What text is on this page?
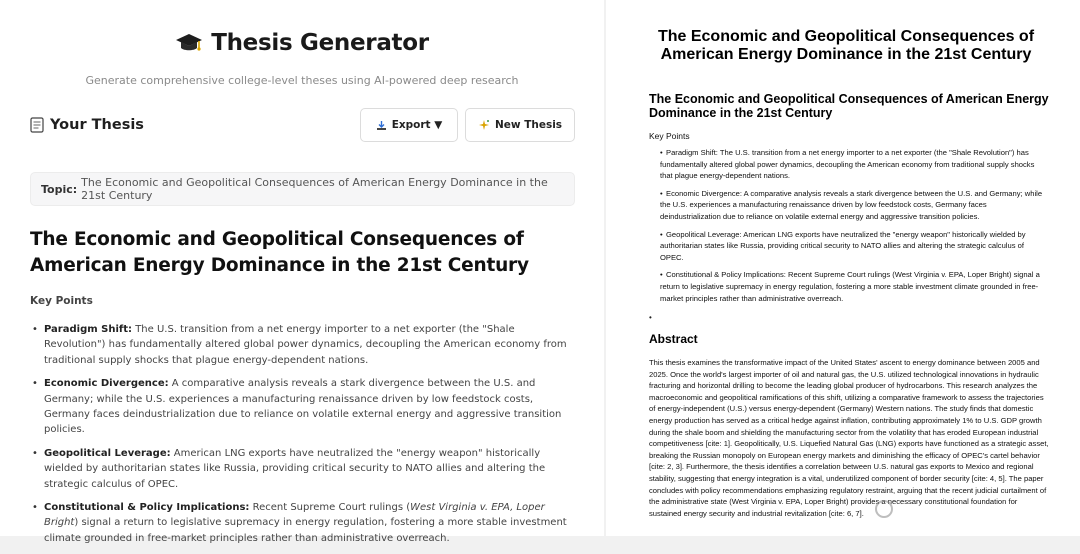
Thesis Generator
Generate comprehensive college-level theses using AI-powered deep research
Your Thesis	Export ▼	New Thesis
Topic: The Economic and Geopolitical Consequences of American Energy Dominance in the 21st Century
The Economic and Geopolitical Consequences of American Energy Dominance in the 21st Century
Key Points
• Paradigm Shift: The U.S. transition from a net energy importer to a net exporter (the "Shale Revolution") has fundamentally altered global power dynamics, decoupling the American economy from traditional supply shocks that plague energy-dependent nations.
• Economic Divergence: A comparative analysis reveals a stark divergence between the U.S. and Germany; while the U.S. experiences a manufacturing renaissance driven by low feedstock costs, Germany faces deindustrialization due to reliance on volatile external energy and aggressive transition policies.
• Geopolitical Leverage: American LNG exports have neutralized the "energy weapon" historically wielded by authoritarian states like Russia, providing critical security to NATO allies and altering the strategic calculus of OPEC.
• Constitutional & Policy Implications: Recent Supreme Court rulings (West Virginia v. EPA, Loper Bright) signal a return to legislative supremacy in energy regulation, fostering a more stable investment climate grounded in free-market principles rather than administrative overreach.
The Economic and Geopolitical Consequences of American Energy Dominance in the 21st Century
The Economic and Geopolitical Consequences of American Energy Dominance in the 21st Century
Key Points
• Paradigm Shift: The U.S. transition from a net energy importer to a net exporter (the "Shale Revolution") has fundamentally altered global power dynamics, decoupling the American economy from traditional supply shocks that plague energy-dependent nations.
• Economic Divergence: A comparative analysis reveals a stark divergence between the U.S. and Germany; while the U.S. experiences a manufacturing renaissance driven by low feedstock costs, Germany faces deindustrialization due to reliance on volatile external energy and aggressive transition policies.
• Geopolitical Leverage: American LNG exports have neutralized the "energy weapon" historically wielded by authoritarian states like Russia, providing critical security to NATO allies and altering the strategic calculus of OPEC.
• Constitutional & Policy Implications: Recent Supreme Court rulings (West Virginia v. EPA, Loper Bright) signal a return to legislative supremacy in energy regulation, fostering a more stable investment climate grounded in free-market principles rather than administrative overreach.
•
Abstract
This thesis examines the transformative impact of the United States' ascent to energy dominance between 2005 and 2025. Once the world's largest importer of oil and natural gas, the U.S. utilized technological innovations in hydraulic fracturing and horizontal drilling to become the leading global producer of hydrocarbons. This research analyzes the macroeconomic and geopolitical ramifications of this shift, utilizing a comparative framework to assess the trajectories of energy-independent (U.S.) versus energy-dependent (Germany) Western nations. The study finds that domestic energy production has served as a critical hedge against inflation, contributing approximately 1% to U.S. GDP growth during the shale boom and shielding the manufacturing sector from the volatility that has eroded European industrial competitiveness [cite: 1]. Geopolitically, U.S. Liquefied Natural Gas (LNG) exports have functioned as a strategic asset, breaking the Russian monopoly on European energy markets and diminishing the efficacy of OPEC's cartel behavior [cite: 2, 3]. Furthermore, the thesis identifies a correlation between U.S. natural gas exports to Mexico and regional stability, suggesting that energy integration is a vital, underutilized component of border security [cite: 4, 5]. The paper concludes with policy recommendations emphasizing regulatory restraint, arguing that the recent judicial curtailment of the administrative state (West Virginia v. EPA, Loper Bright) provides a necessary constitutional foundation for sustained energy security and industrial revitalization [cite: 6, 7].
